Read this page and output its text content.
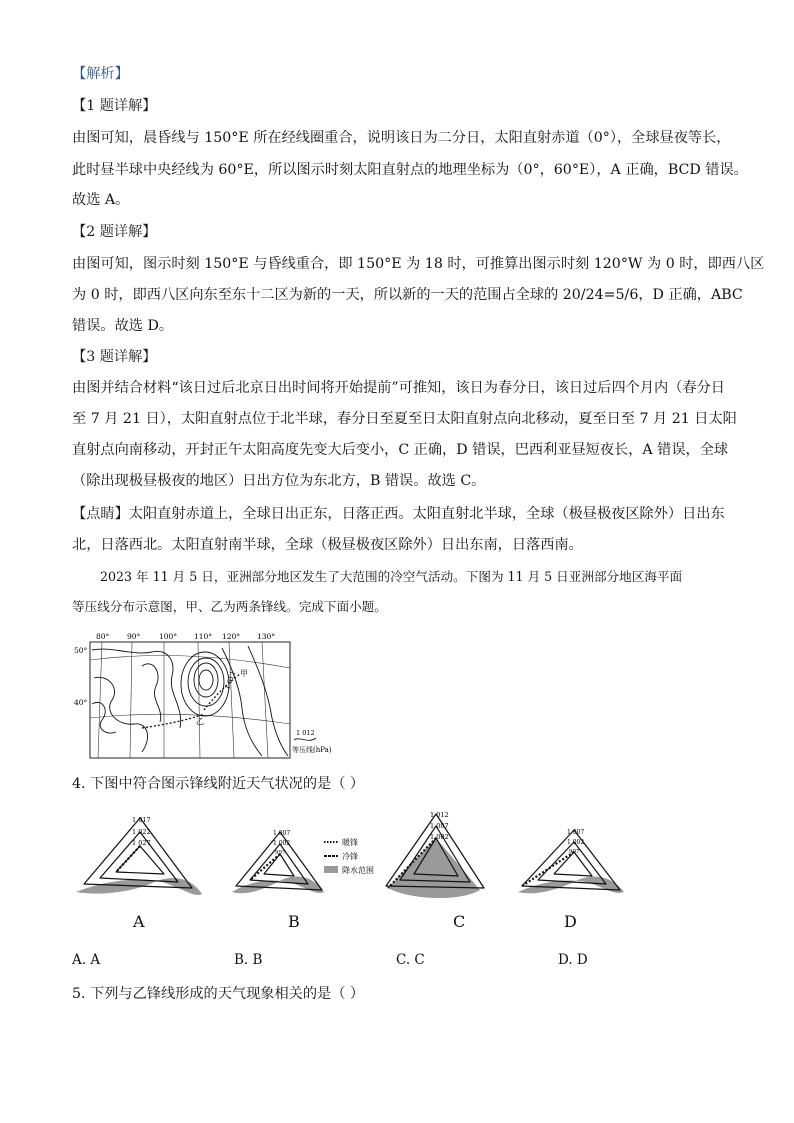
【解析】
【1 题详解】
由图可知，晨昏线与 150°E 所在经线圈重合，说明该日为二分日，太阳直射赤道（0°），全球昼夜等长，
此时昼半球中央经线为 60°E，所以图示时刻太阳直射点的地理坐标为（0°，60°E），A 正确，BCD 错误。
故选 A。
【2 题详解】
由图可知，图示时刻 150°E 与昏线重合，即 150°E 为 18 时，可推算出图示时刻 120°W 为 0 时，即西八区
为 0 时，即西八区向东至东十二区为新的一天，所以新的一天的范围占全球的 20/24=5/6，D 正确，ABC
错误。故选 D。
【3 题详解】
由图并结合材料“该日过后北京日出时间将开始提前”可推知，该日为春分日，该日过后四个月内（春分日
至 7 月 21 日），太阳直射点位于北半球，春分日至夏至日太阳直射点向北移动，夏至日至 7 月 21 日太阳
直射点向南移动，开封正午太阳高度先变大后变小，C 正确，D 错误，巴西利亚昼短夜长，A 错误，全球
（除出现极昼极夜的地区）日出方位为东北方，B 错误。故选 C。
【点睛】太阳直射赤道上，全球日出正东，日落正西。太阳直射北半球，全球（极昼极夜区除外）日出东
北，日落西北。太阳直射南半球，全球（极昼极夜区除外）日出东南，日落西南。
2023 年 11 月 5 日，亚洲部分地区发生了大范围的冷空气活动。下图为 11 月 5 日亚洲部分地区海平面
等压线分布示意图，甲、乙为两条锋线。完成下面小题。
80° 90° 100° 110° 120° 130°
50°
40°
甲
乙
1 012
1 012
等压线(hPa)
4. 下图中符合图示锋线附近天气状况的是（ ）
1 017
1 022
1 027
1 007
1 002
997
暖锋
冷锋
降水范围
1 012
1 007
1 002
1 007
1 002
997
A	B	C	D
A. A	B. B	C. C	D. D
5. 下列与乙锋线形成的天气现象相关的是（ ）
